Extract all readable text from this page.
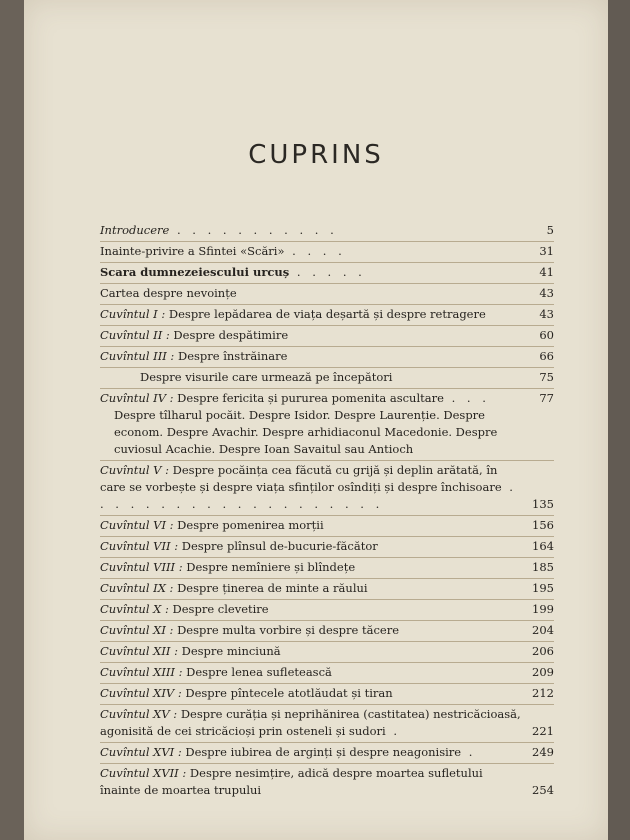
CUPRINS
Introducere . . . . . . . . . . .	5
Inainte-privire a Sfintei «Scări» . . . .	31
Scara dumnezeiescului urcuș . . . . .	41
Cartea despre nevoințe	43
Cuvîntul I : Despre lepădarea de viața deșartă și despre retragere	43
Cuvîntul II : Despre despătimire	60
Cuvîntul III : Despre înstrăinare	66
Despre visurile care urmează pe începători	75
Cuvîntul IV : Despre fericita și pururea pomenita ascultare . . .	77
Despre tîlharul pocăit. Despre Isidor. Despre Laurenție. Despre econom. Despre Avachir. Despre arhidiaconul Macedonie. Despre cuviosul Acachie. Despre Ioan Savaitul sau Antioch
Cuvîntul V : Despre pocăința cea făcută cu grijă și deplin arătată, în care se vorbește și despre viața sfinților osîndiți și despre închisoare . . . . . . . . . . . . . . . . . . . .	135
Cuvîntul VI : Despre pomenirea morții	156
Cuvîntul VII : Despre plînsul de-bucurie-făcător	164
Cuvîntul VIII : Despre nemîniere și blîndețe	185
Cuvîntul IX : Despre ținerea de minte a răului	195
Cuvîntul X : Despre clevetire	199
Cuvîntul XI : Despre multa vorbire și despre tăcere	204
Cuvîntul XII : Despre minciună	206
Cuvîntul XIII : Despre lenea sufletească	209
Cuvîntul XIV : Despre pîntecele atotlăudat și tiran	212
Cuvîntul XV : Despre curăția și neprihănirea (castitatea) nestricăcioasă, agonisită de cei stricăcioși prin osteneli și sudori .	221
Cuvîntul XVI : Despre iubirea de arginți și despre neagonisire .	249
Cuvîntul XVII : Despre nesimțire, adică despre moartea sufletului înainte de moartea trupului	254
